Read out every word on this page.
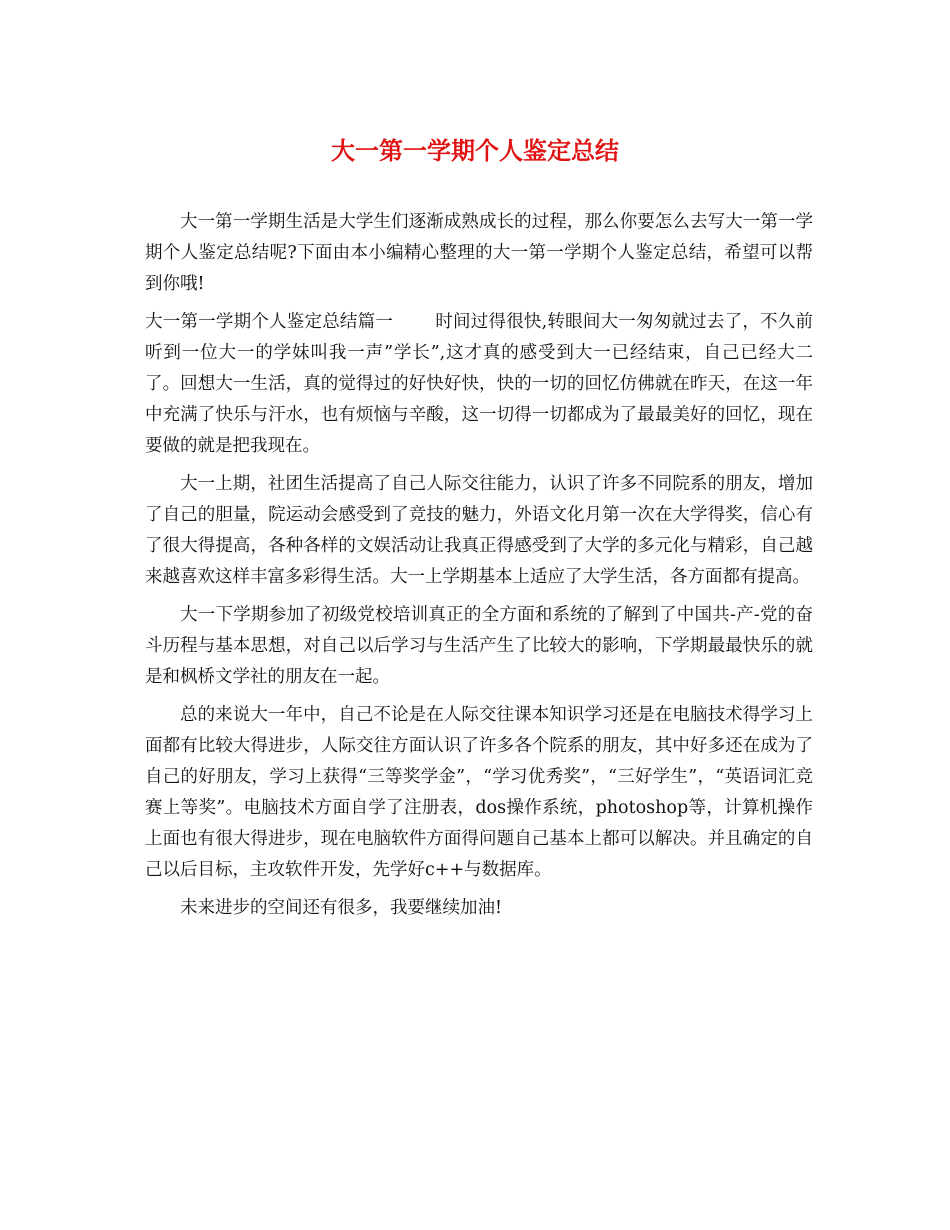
大一第一学期个人鉴定总结

大一第一学期生活是大学生们逐渐成熟成长的过程，那么你要怎么去写大一第一学期个人鉴定总结呢?下面由本小编精心整理的大一第一学期个人鉴定总结，希望可以帮到你哦!

大一第一学期个人鉴定总结篇一 时间过得很快,转眼间大一匆匆就过去了，不久前听到一位大一的学妹叫我一声”学长”,这才真的感受到大一已经结束，自己已经大二了。回想大一生活，真的觉得过的好快好快，快的一切的回忆仿佛就在昨天，在这一年中充满了快乐与汗水，也有烦恼与辛酸，这一切得一切都成为了最最美好的回忆，现在要做的就是把我现在。

大一上期，社团生活提高了自己人际交往能力，认识了许多不同院系的朋友，增加了自己的胆量，院运动会感受到了竞技的魅力，外语文化月第一次在大学得奖，信心有了很大得提高，各种各样的文娱活动让我真正得感受到了大学的多元化与精彩，自己越来越喜欢这样丰富多彩得生活。大一上学期基本上适应了大学生活，各方面都有提高。

大一下学期参加了初级党校培训真正的全方面和系统的了解到了中国共-产-党的奋斗历程与基本思想，对自己以后学习与生活产生了比较大的影响，下学期最最快乐的就是和枫桥文学社的朋友在一起。

总的来说大一年中，自己不论是在人际交往课本知识学习还是在电脑技术得学习上面都有比较大得进步，人际交往方面认识了许多各个院系的朋友，其中好多还在成为了自己的好朋友，学习上获得“三等奖学金”，“学习优秀奖”，“三好学生”，“英语词汇竞赛上等奖”。电脑技术方面自学了注册表，dos操作系统，photoshop等，计算机操作上面也有很大得进步，现在电脑软件方面得问题自己基本上都可以解决。并且确定的自己以后目标，主攻软件开发，先学好c++与数据库。

未来进步的空间还有很多，我要继续加油!
